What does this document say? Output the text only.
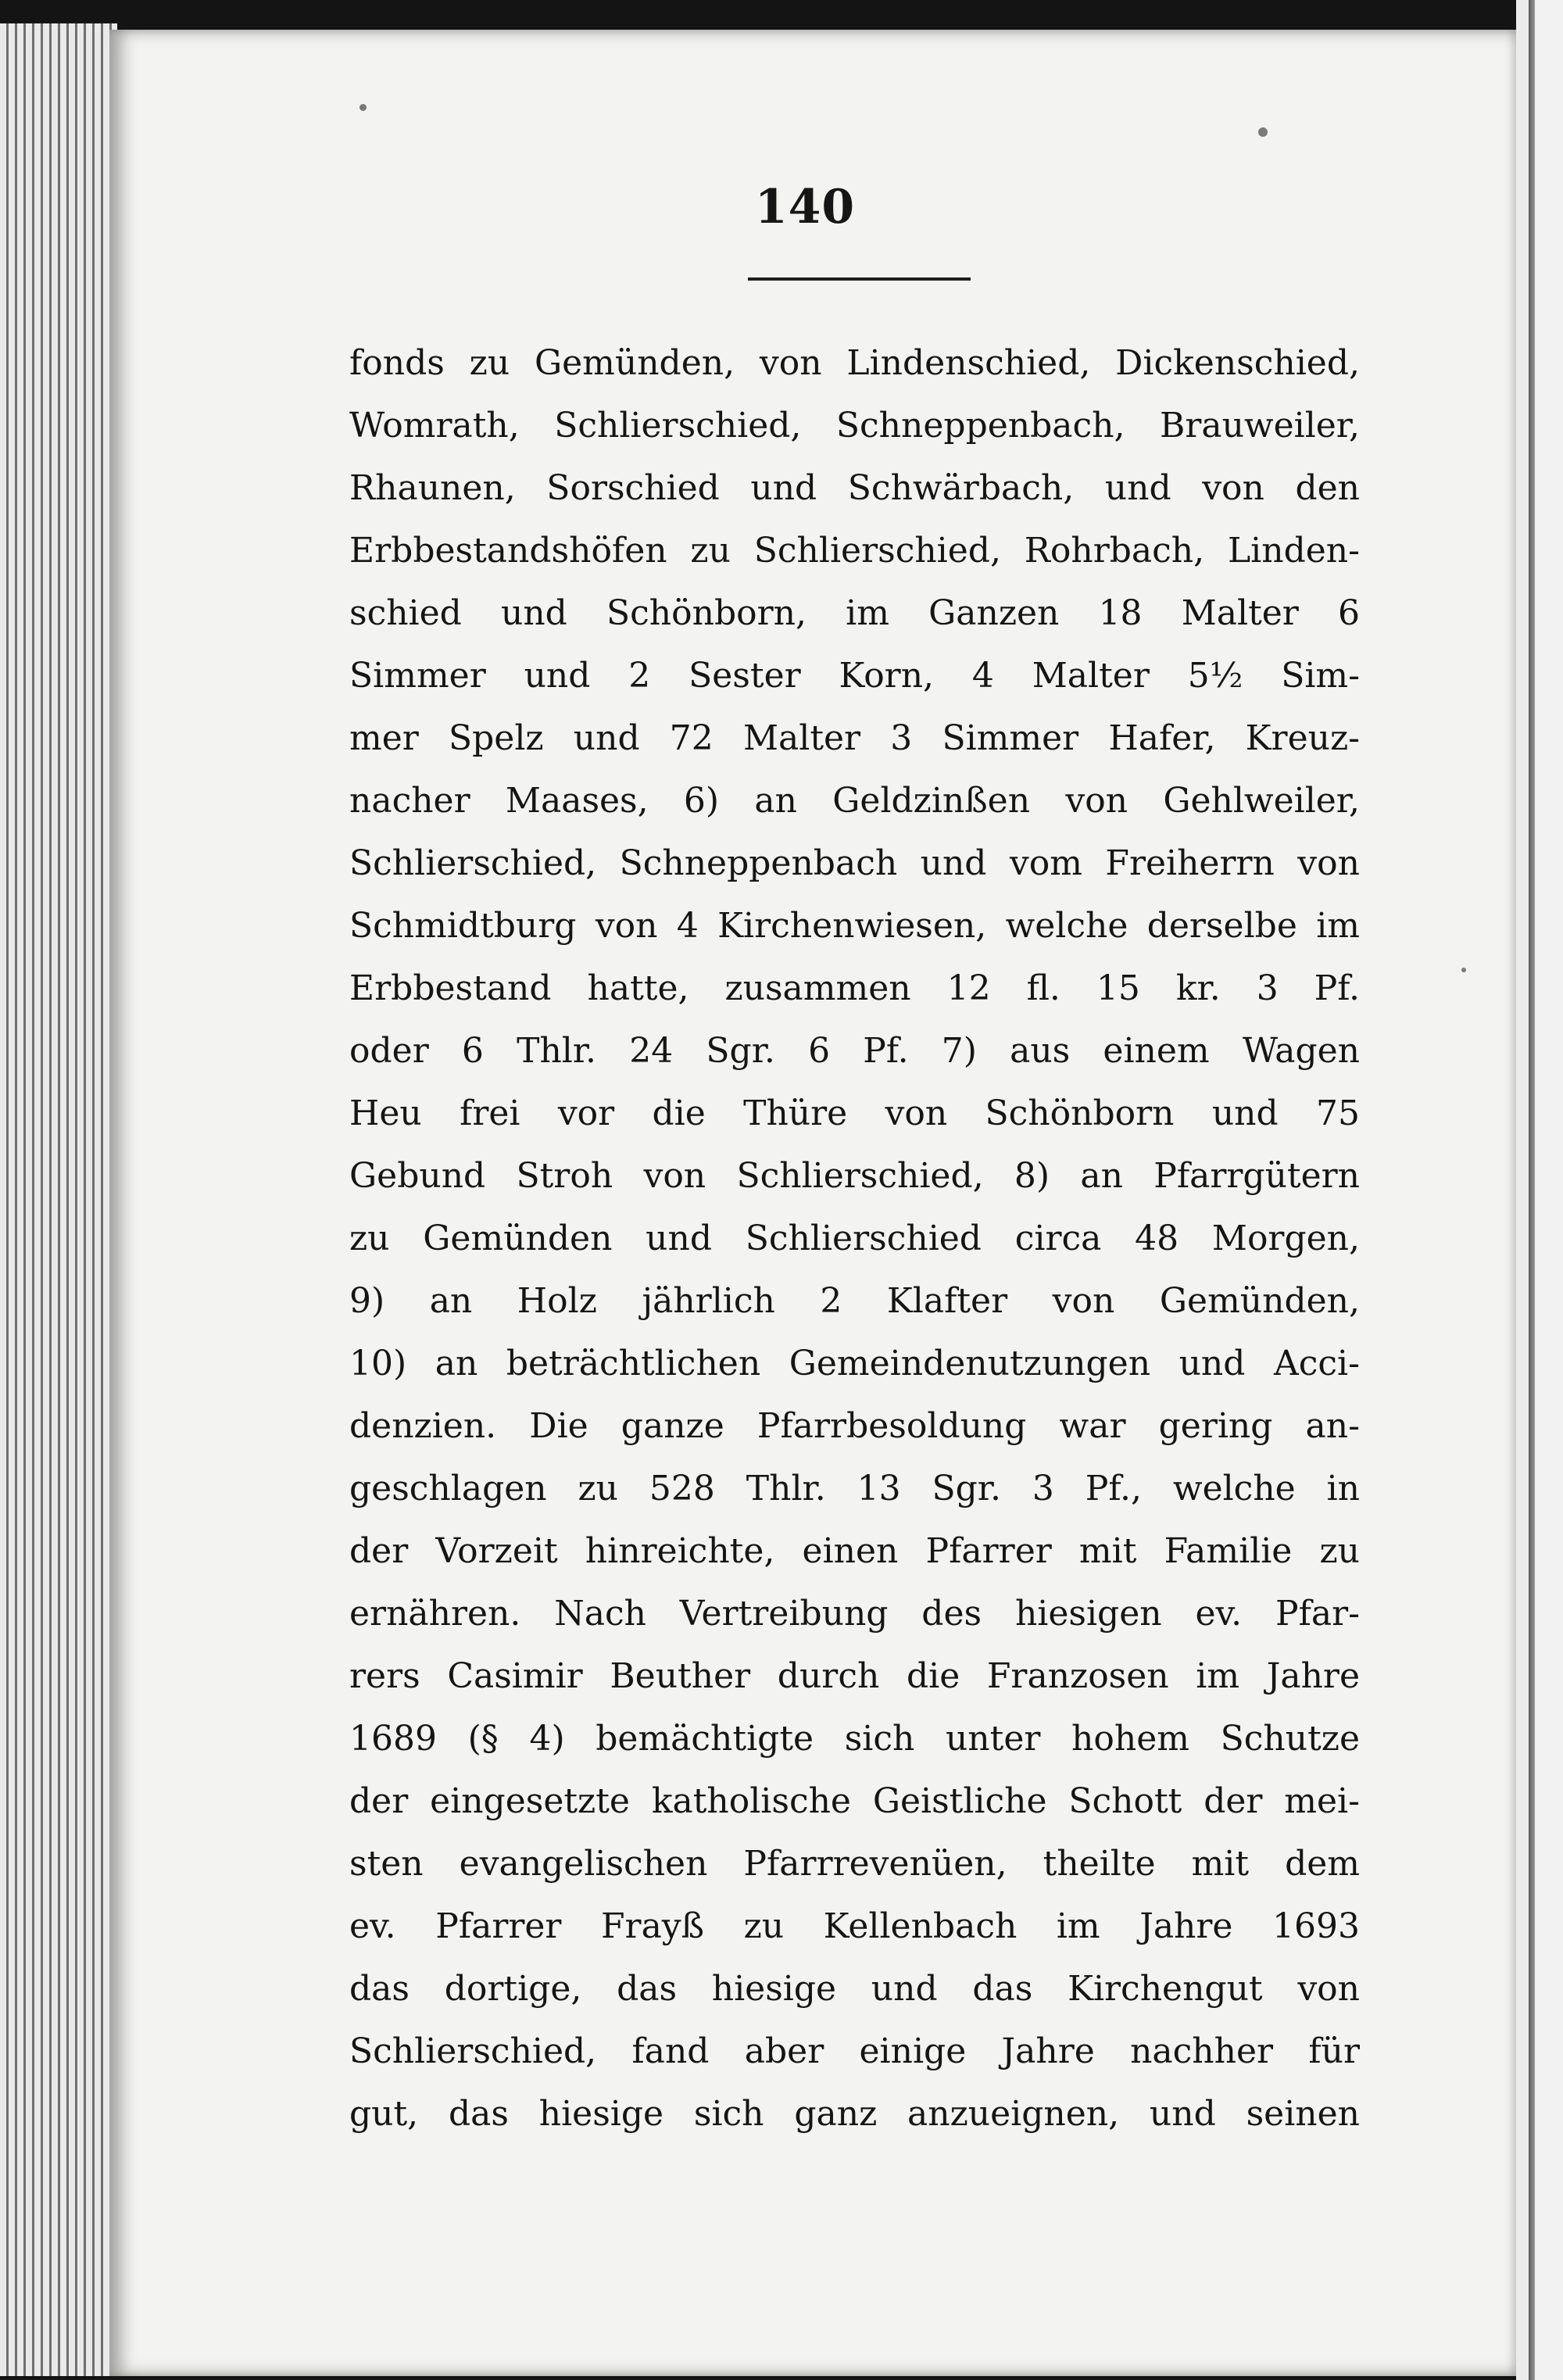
140
fonds zu Gemünden, von Lindenschied, Dickenschied,
Womrath, Schlierschied, Schneppenbach, Brauweiler,
Rhaunen, Sorschied und Schwärbach, und von den
Erbbestandshöfen zu Schlierschied, Rohrbach, Linden-
schied und Schönborn, im Ganzen 18 Malter 6
Simmer und 2 Sester Korn, 4 Malter 5½ Sim-
mer Spelz und 72 Malter 3 Simmer Hafer, Kreuz-
nacher Maases, 6) an Geldzinßen von Gehlweiler,
Schlierschied, Schneppenbach und vom Freiherrn von
Schmidtburg von 4 Kirchenwiesen, welche derselbe im
Erbbestand hatte, zusammen 12 fl. 15 kr. 3 Pf.
oder 6 Thlr. 24 Sgr. 6 Pf. 7) aus einem Wagen
Heu frei vor die Thüre von Schönborn und 75
Gebund Stroh von Schlierschied, 8) an Pfarrgütern
zu Gemünden und Schlierschied circa 48 Morgen,
9) an Holz jährlich 2 Klafter von Gemünden,
10) an beträchtlichen Gemeindenutzungen und Acci-
denzien. Die ganze Pfarrbesoldung war gering an-
geschlagen zu 528 Thlr. 13 Sgr. 3 Pf., welche in
der Vorzeit hinreichte, einen Pfarrer mit Familie zu
ernähren. Nach Vertreibung des hiesigen ev. Pfar-
rers Casimir Beuther durch die Franzosen im Jahre
1689 (§ 4) bemächtigte sich unter hohem Schutze
der eingesetzte katholische Geistliche Schott der mei-
sten evangelischen Pfarrrevenüen, theilte mit dem
ev. Pfarrer Frayß zu Kellenbach im Jahre 1693
das dortige, das hiesige und das Kirchengut von
Schlierschied, fand aber einige Jahre nachher für
gut, das hiesige sich ganz anzueignen, und seinen
